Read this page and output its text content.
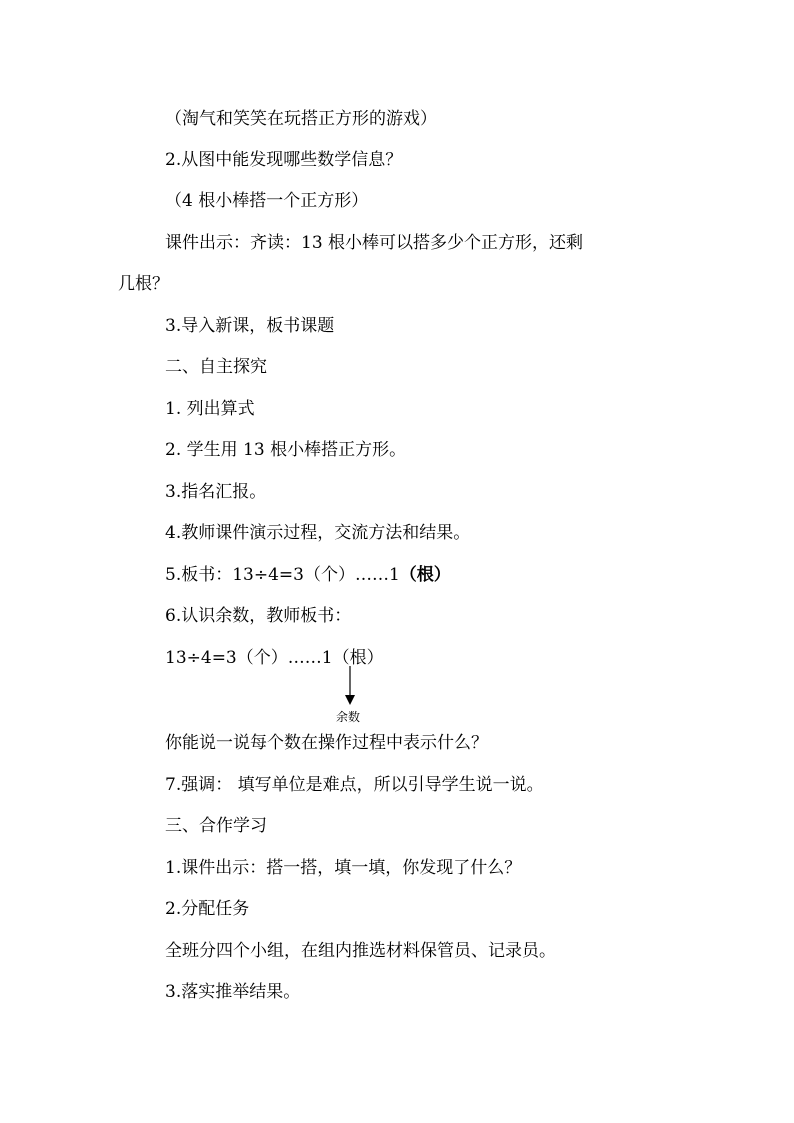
（淘气和笑笑在玩搭正方形的游戏）
2.从图中能发现哪些数学信息？
（4 根小棒搭一个正方形）
课件出示：齐读：13 根小棒可以搭多少个正方形，还剩
几根？
3.导入新课，板书课题
二、自主探究
1. 列出算式
2. 学生用 13 根小棒搭正方形。
3.指名汇报。
4.教师课件演示过程，交流方法和结果。
5.板书：13÷4=3（个）……1（根）
6.认识余数，教师板书：
13÷4=3（个）……1（根）
余数
你能说一说每个数在操作过程中表示什么？
7.强调： 填写单位是难点，所以引导学生说一说。
三、合作学习
1.课件出示：搭一搭，填一填，你发现了什么？
2.分配任务
全班分四个小组，在组内推选材料保管员、记录员。
3.落实推举结果。
